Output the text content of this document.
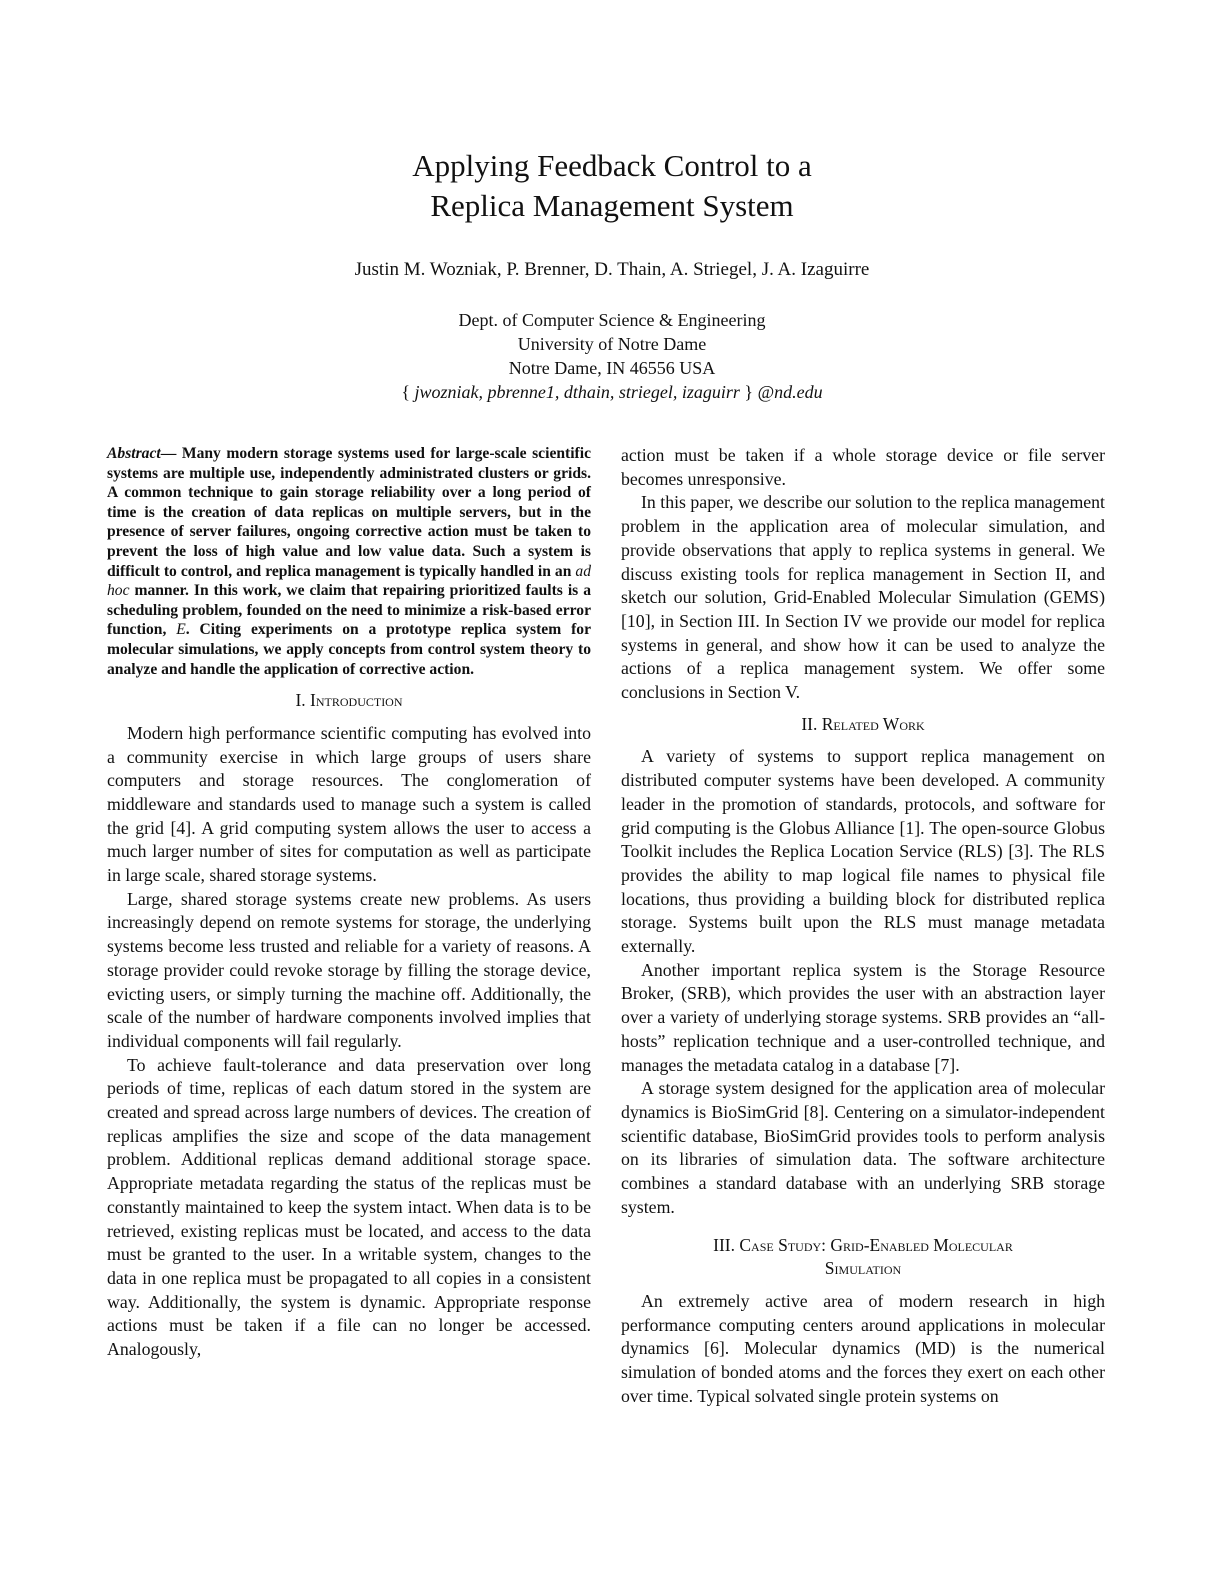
Applying Feedback Control to a
Replica Management System
Justin M. Wozniak, P. Brenner, D. Thain, A. Striegel, J. A. Izaguirre
Dept. of Computer Science & Engineering
University of Notre Dame
Notre Dame, IN 46556 USA
{ jwozniak, pbrenne1, dthain, striegel, izaguirr } @nd.edu
Abstract— Many modern storage systems used for large-scale scientific systems are multiple use, independently administrated clusters or grids. A common technique to gain storage reliability over a long period of time is the creation of data replicas on multiple servers, but in the presence of server failures, ongoing corrective action must be taken to prevent the loss of high value and low value data. Such a system is difficult to control, and replica management is typically handled in an ad hoc manner. In this work, we claim that repairing prioritized faults is a scheduling problem, founded on the need to minimize a risk-based error function, E. Citing experiments on a prototype replica system for molecular simulations, we apply concepts from control system theory to analyze and handle the application of corrective action.
I. Introduction

Modern high performance scientific computing has evolved into a community exercise in which large groups of users share computers and storage resources. The conglomeration of middleware and standards used to manage such a system is called the grid [4]. A grid computing system allows the user to access a much larger number of sites for computation as well as participate in large scale, shared storage systems.

Large, shared storage systems create new problems. As users increasingly depend on remote systems for storage, the underlying systems become less trusted and reliable for a variety of reasons. A storage provider could revoke storage by filling the storage device, evicting users, or simply turning the machine off. Additionally, the scale of the number of hardware components involved implies that individual components will fail regularly.

To achieve fault-tolerance and data preservation over long periods of time, replicas of each datum stored in the system are created and spread across large numbers of devices. The creation of replicas amplifies the size and scope of the data management problem. Additional replicas demand additional storage space. Appropriate metadata regarding the status of the replicas must be constantly maintained to keep the system intact. When data is to be retrieved, existing replicas must be located, and access to the data must be granted to the user. In a writable system, changes to the data in one replica must be propagated to all copies in a consistent way. Additionally, the system is dynamic. Appropriate response actions must be taken if a file can no longer be accessed. Analogously,

action must be taken if a whole storage device or file server becomes unresponsive.

In this paper, we describe our solution to the replica management problem in the application area of molecular simulation, and provide observations that apply to replica systems in general. We discuss existing tools for replica management in Section II, and sketch our solution, Grid-Enabled Molecular Simulation (GEMS) [10], in Section III. In Section IV we provide our model for replica systems in general, and show how it can be used to analyze the actions of a replica management system. We offer some conclusions in Section V.

II. Related Work

A variety of systems to support replica management on distributed computer systems have been developed. A community leader in the promotion of standards, protocols, and software for grid computing is the Globus Alliance [1]. The open-source Globus Toolkit includes the Replica Location Service (RLS) [3]. The RLS provides the ability to map logical file names to physical file locations, thus providing a building block for distributed replica storage. Systems built upon the RLS must manage metadata externally.

Another important replica system is the Storage Resource Broker, (SRB), which provides the user with an abstraction layer over a variety of underlying storage systems. SRB provides an “all-hosts” replication technique and a user-controlled technique, and manages the metadata catalog in a database [7].

A storage system designed for the application area of molecular dynamics is BioSimGrid [8]. Centering on a simulator-independent scientific database, BioSimGrid provides tools to perform analysis on its libraries of simulation data. The software architecture combines a standard database with an underlying SRB storage system.

III. Case Study: Grid-Enabled Molecular
Simulation

An extremely active area of modern research in high performance computing centers around applications in molecular dynamics [6]. Molecular dynamics (MD) is the numerical simulation of bonded atoms and the forces they exert on each other over time. Typical solvated single protein systems on
